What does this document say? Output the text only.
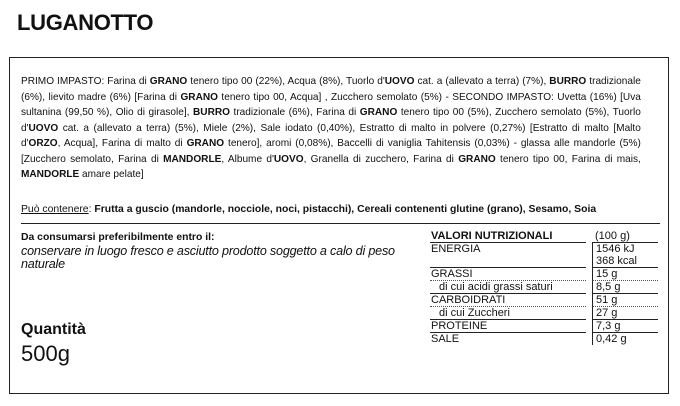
LUGANOTTO
PRIMO IMPASTO: Farina di GRANO tenero tipo 00 (22%), Acqua (8%), Tuorlo d'UOVO cat. a (allevato a terra) (7%), BURRO tradizionale (6%), lievito madre (6%) [Farina di GRANO tenero tipo 00, Acqua] , Zucchero semolato (5%) - SECONDO IMPASTO: Uvetta (16%) [Uva sultanina (99,50 %), Olio di girasole], BURRO tradizionale (6%), Farina di GRANO tenero tipo 00 (5%), Zucchero semolato (5%), Tuorlo d'UOVO cat. a (allevato a terra) (5%), Miele (2%), Sale iodato (0,40%), Estratto di malto in polvere (0,27%) [Estratto di malto [Malto d'ORZO, Acqua], Farina di malto di GRANO tenero], aromi (0,08%), Baccelli di vaniglia Tahitensis (0,03%) - glassa alle mandorle (5%) [Zucchero semolato, Farina di MANDORLE, Albume d'UOVO, Granella di zucchero, Farina di GRANO tenero tipo 00, Farina di mais, MANDORLE amare pelate]
Può contenere: Frutta a guscio (mandorle, nocciole, noci, pistacchi), Cereali contenenti glutine (grano), Sesamo, Soia
Da consumarsi preferibilmente entro il:
conservare in luogo fresco e asciutto prodotto soggetto a calo di peso naturale
Quantità
500g
VALORI NUTRIZIONALI	(100 g)
ENERGIA	1546 kJ
368 kcal
GRASSI	15 g
di cui acidi grassi saturi	8,5 g
CARBOIDRATI	51 g
di cui Zuccheri	27 g
PROTEINE	7,3 g
SALE	0,42 g
